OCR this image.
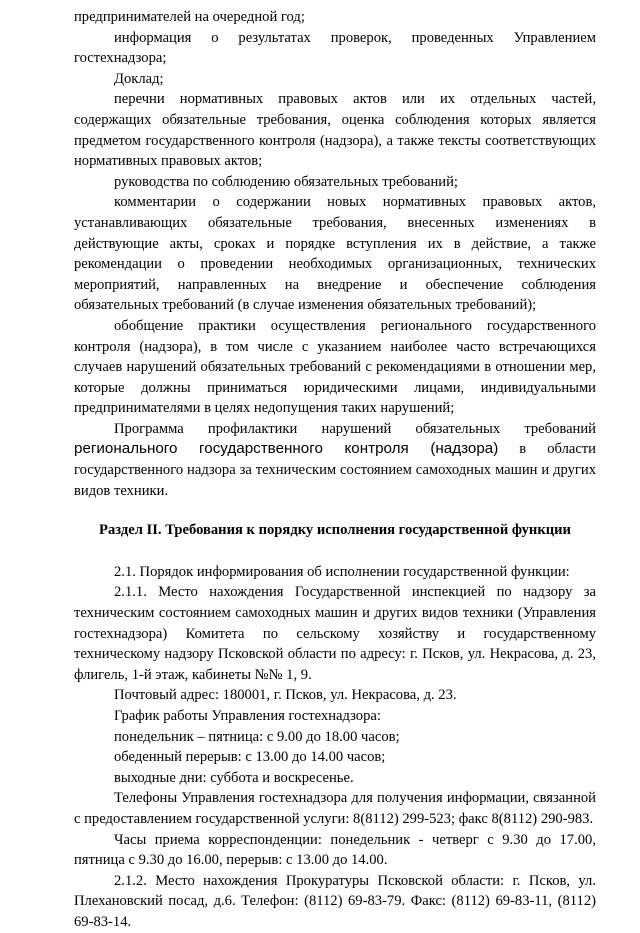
предпринимателей на очередной год;

информация о результатах проверок, проведенных Управлением гостехнадзора;

Доклад;

перечни нормативных правовых актов или их отдельных частей, содержащих обязательные требования, оценка соблюдения которых является предметом государственного контроля (надзора), а также тексты соответствующих нормативных правовых актов;

руководства по соблюдению обязательных требований;

комментарии о содержании новых нормативных правовых актов, устанавливающих обязательные требования, внесенных изменениях в действующие акты, сроках и порядке вступления их в действие, а также рекомендации о проведении необходимых организационных, технических мероприятий, направленных на внедрение и обеспечение соблюдения обязательных требований (в случае изменения обязательных требований);

обобщение практики осуществления регионального государственного контроля (надзора), в том числе с указанием наиболее часто встречающихся случаев нарушений обязательных требований с рекомендациями в отношении мер, которые должны приниматься юридическими лицами, индивидуальными предпринимателями в целях недопущения таких нарушений;

Программа профилактики нарушений обязательных требований регионального государственного контроля (надзора) в области государственного надзора за техническим состоянием самоходных машин и других видов техники.

Раздел II. Требования к порядку исполнения государственной функции

2.1. Порядок информирования об исполнении государственной функции:

2.1.1. Место нахождения Государственной инспекцией по надзору за техническим состоянием самоходных машин и других видов техники (Управления гостехнадзора) Комитета по сельскому хозяйству и государственному техническому надзору Псковской области по адресу: г. Псков, ул. Некрасова, д. 23, флигель, 1-й этаж, кабинеты №№ 1, 9.

Почтовый адрес: 180001, г. Псков, ул. Некрасова, д. 23.

График работы Управления гостехнадзора:

понедельник – пятница: с 9.00 до 18.00 часов;

обеденный перерыв: с 13.00 до 14.00 часов;

выходные дни: суббота и воскресенье.

Телефоны Управления гостехнадзора для получения информации, связанной с предоставлением государственной услуги: 8(8112) 299-523; факс 8(8112) 290-983.

Часы приема корреспонденции: понедельник - четверг с 9.30 до 17.00, пятница с 9.30 до 16.00, перерыв: с 13.00 до 14.00.

2.1.2. Место нахождения Прокуратуры Псковской области: г. Псков, ул. Плехановский посад, д.6. Телефон: (8112) 69-83-79. Факс: (8112) 69-83-11, (8112) 69-83-14.
